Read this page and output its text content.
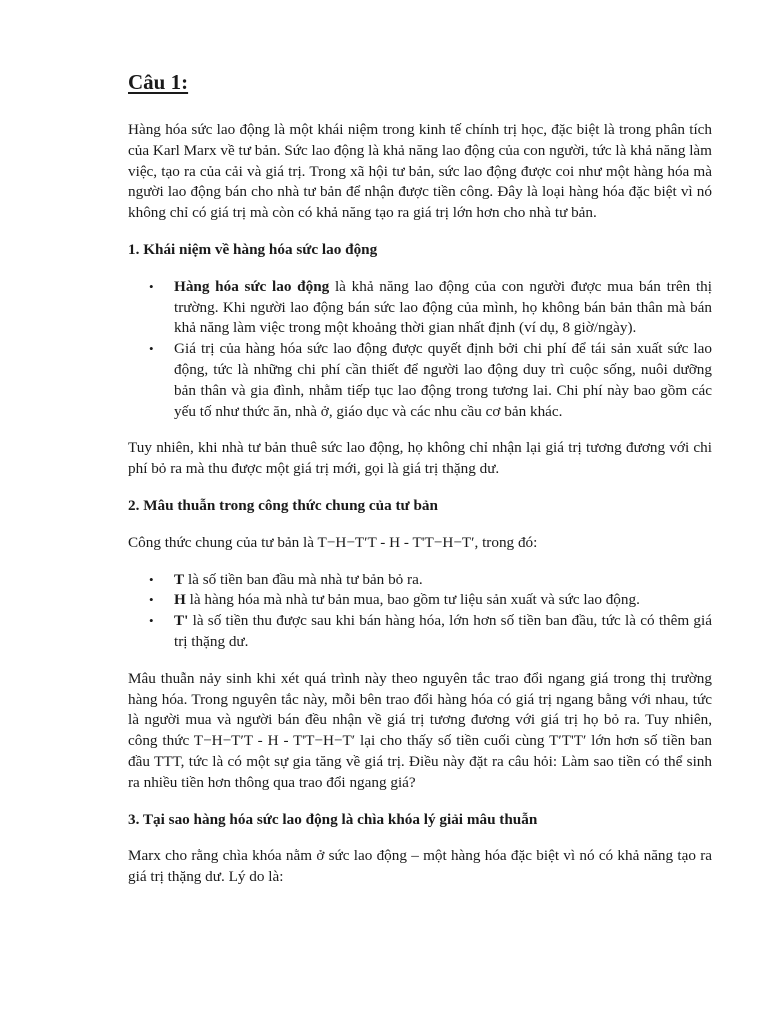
Câu 1:

Hàng hóa sức lao động là một khái niệm trong kinh tế chính trị học, đặc biệt là trong phân tích của Karl Marx về tư bản. Sức lao động là khả năng lao động của con người, tức là khả năng làm việc, tạo ra của cải và giá trị. Trong xã hội tư bản, sức lao động được coi như một hàng hóa mà người lao động bán cho nhà tư bản để nhận được tiền công. Đây là loại hàng hóa đặc biệt vì nó không chỉ có giá trị mà còn có khả năng tạo ra giá trị lớn hơn cho nhà tư bản.

1. Khái niệm về hàng hóa sức lao động
• Hàng hóa sức lao động là khả năng lao động của con người được mua bán trên thị trường. Khi người lao động bán sức lao động của mình, họ không bán bản thân mà bán khả năng làm việc trong một khoảng thời gian nhất định (ví dụ, 8 giờ/ngày).
• Giá trị của hàng hóa sức lao động được quyết định bởi chi phí để tái sản xuất sức lao động, tức là những chi phí cần thiết để người lao động duy trì cuộc sống, nuôi dưỡng bản thân và gia đình, nhằm tiếp tục lao động trong tương lai. Chi phí này bao gồm các yếu tố như thức ăn, nhà ở, giáo dục và các nhu cầu cơ bản khác.

Tuy nhiên, khi nhà tư bản thuê sức lao động, họ không chỉ nhận lại giá trị tương đương với chi phí bỏ ra mà thu được một giá trị mới, gọi là giá trị thặng dư.

2. Mâu thuẫn trong công thức chung của tư bản

Công thức chung của tư bản là T−H−T′T - H - T'T−H−T′, trong đó:

• T là số tiền ban đầu mà nhà tư bản bỏ ra.
• H là hàng hóa mà nhà tư bản mua, bao gồm tư liệu sản xuất và sức lao động.
• T' là số tiền thu được sau khi bán hàng hóa, lớn hơn số tiền ban đầu, tức là có thêm giá trị thặng dư.

Mâu thuẫn nảy sinh khi xét quá trình này theo nguyên tắc trao đổi ngang giá trong thị trường hàng hóa. Trong nguyên tắc này, mỗi bên trao đổi hàng hóa có giá trị ngang bằng với nhau, tức là người mua và người bán đều nhận về giá trị tương đương với giá trị họ bỏ ra. Tuy nhiên, công thức T−H−T′T - H - T'T−H−T′ lại cho thấy số tiền cuối cùng T′T'T′ lớn hơn số tiền ban đầu TTT, tức là có một sự gia tăng về giá trị. Điều này đặt ra câu hỏi: Làm sao tiền có thể sinh ra nhiều tiền hơn thông qua trao đổi ngang giá?

3. Tại sao hàng hóa sức lao động là chìa khóa lý giải mâu thuẫn

Marx cho rằng chìa khóa nằm ở sức lao động – một hàng hóa đặc biệt vì nó có khả năng tạo ra giá trị thặng dư. Lý do là:
